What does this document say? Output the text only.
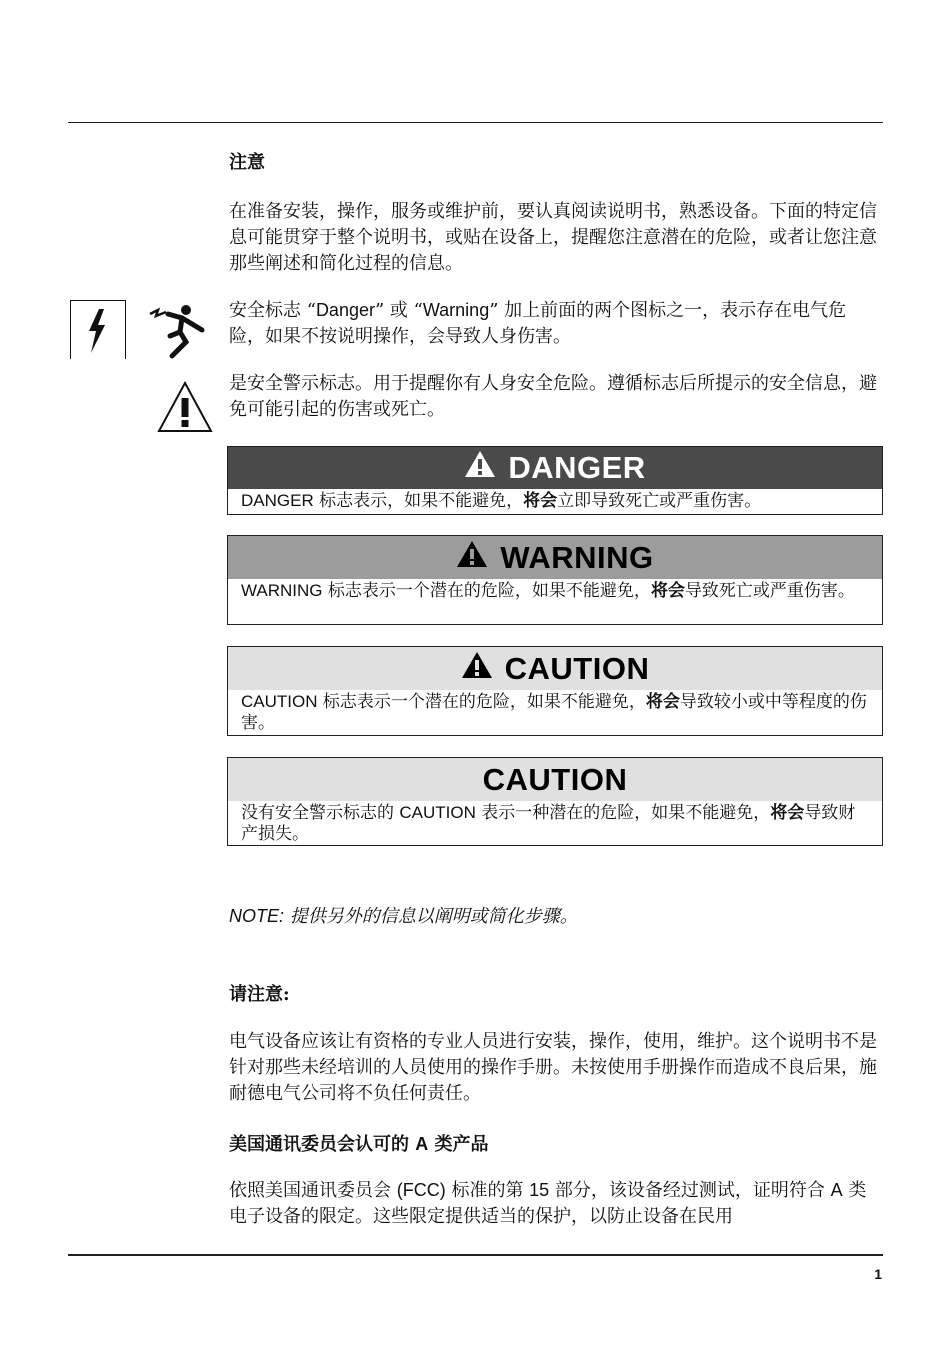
注意
在准备安装，操作，服务或维护前，要认真阅读说明书，熟悉设备。下面的特定信息可能贯穿于整个说明书，或贴在设备上，提醒您注意潜在的危险，或者让您注意那些阐述和简化过程的信息。
安全标志 “Danger” 或 “Warning” 加上前面的两个图标之一，表示存在电气危险，如果不按说明操作，会导致人身伤害。
是安全警示标志。用于提醒你有人身安全危险。遵循标志后所提示的安全信息，避免可能引起的伤害或死亡。
DANGER
DANGER 标志表示，如果不能避免，将会立即导致死亡或严重伤害。
WARNING
WARNING 标志表示一个潜在的危险，如果不能避免，将会导致死亡或严重伤害。
CAUTION
CAUTION 标志表示一个潜在的危险，如果不能避免，将会导致较小或中等程度的伤害。
CAUTION
没有安全警示标志的 CAUTION 表示一种潜在的危险，如果不能避免，将会导致财产损失。
NOTE: 提供另外的信息以阐明或简化步骤。
请注意:
电气设备应该让有资格的专业人员进行安装，操作，使用，维护。这个说明书不是针对那些未经培训的人员使用的操作手册。未按使用手册操作而造成不良后果，施耐德电气公司将不负任何责任。
美国通讯委员会认可的 A 类产品
依照美国通讯委员会 (FCC) 标准的第 15 部分，该设备经过测试，证明符合 A 类电子设备的限定。这些限定提供适当的保护，以防止设备在民用
1
